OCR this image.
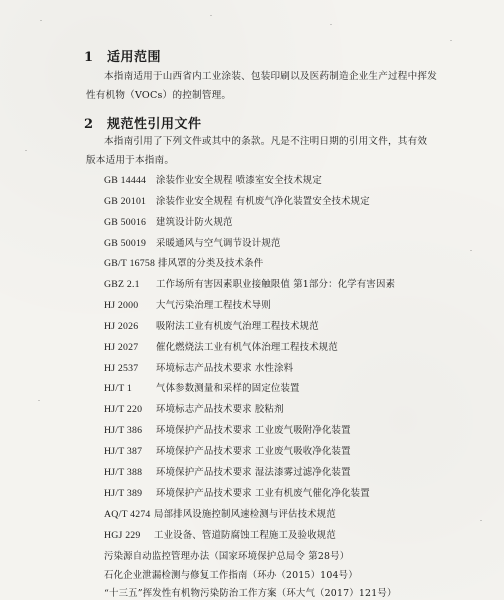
1 适用范围
本指南适用于山西省内工业涂装、包装印刷以及医药制造企业生产过程中挥发
性有机物（VOCs）的控制管理。
2 规范性引用文件
本指南引用了下列文件或其中的条款。凡是不注明日期的引用文件，其有效
版本适用于本指南。
GB 14444 涂装作业安全规程 喷漆室安全技术规定
GB 20101 涂装作业安全规程 有机废气净化装置安全技术规定
GB 50016 建筑设计防火规范
GB 50019 采暖通风与空气调节设计规范
GB/T 16758 排风罩的分类及技术条件
GBZ 2.1 工作场所有害因素职业接触限值 第1部分：化学有害因素
HJ 2000 大气污染治理工程技术导则
HJ 2026 吸附法工业有机废气治理工程技术规范
HJ 2027 催化燃烧法工业有机气体治理工程技术规范
HJ 2537 环境标志产品技术要求 水性涂料
HJ/T 1	气体参数测量和采样的固定位装置
HJ/T 220 环境标志产品技术要求 胶粘剂
HJ/T 386 环境保护产品技术要求 工业废气吸附净化装置
HJ/T 387 环境保护产品技术要求 工业废气吸收净化装置
HJ/T 388 环境保护产品技术要求 湿法漆雾过滤净化装置
HJ/T 389 环境保护产品技术要求 工业有机废气催化净化装置
AQ/T 4274 局部排风设施控制风速检测与评估技术规范
HGJ 229 工业设备、管道防腐蚀工程施工及验收规范
污染源自动监控管理办法（国家环境保护总局令 第28号）
石化企业泄漏检测与修复工作指南（环办（2015）104号）
“十三五”挥发性有机物污染防治工作方案（环大气（2017）121号）
